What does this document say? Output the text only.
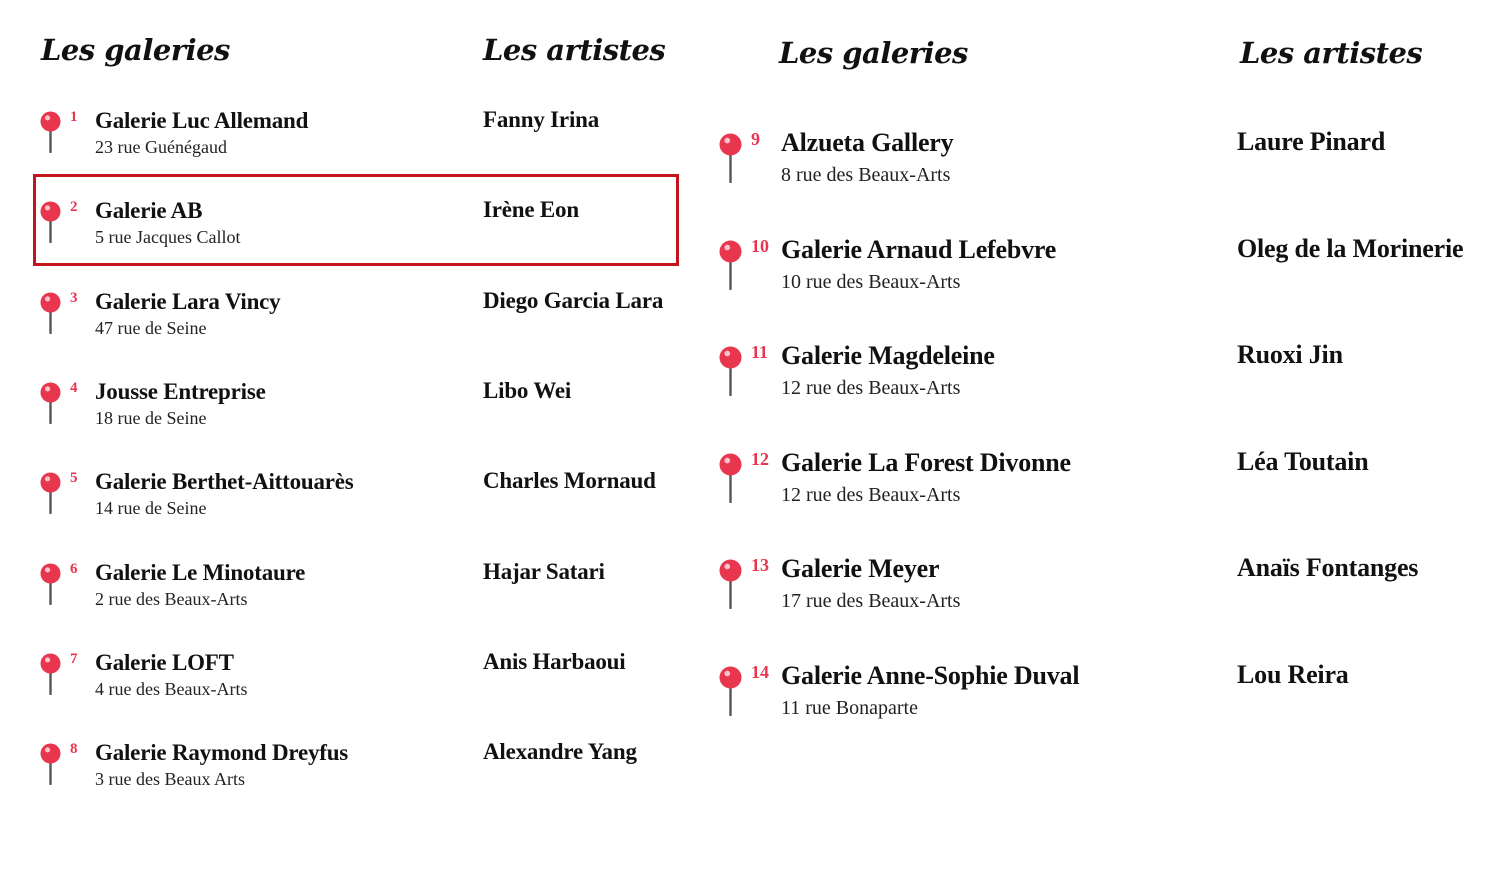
Les galeries	Les artistes	Les galeries	Les artistes
1 Galerie Luc Allemand
23 rue Guénégaud
Fanny Irina
2 Galerie AB
5 rue Jacques Callot
Irène Eon
3 Galerie Lara Vincy
47 rue de Seine
Diego Garcia Lara
4 Jousse Entreprise
18 rue de Seine
Libo Wei
5 Galerie Berthet-Aittouarès
14 rue de Seine
Charles Mornaud
6 Galerie Le Minotaure
2 rue des Beaux-Arts
Hajar Satari
7 Galerie LOFT
4 rue des Beaux-Arts
Anis Harbaoui
8 Galerie Raymond Dreyfus
3 rue des Beaux Arts
Alexandre Yang
9 Alzueta Gallery
8 rue des Beaux-Arts
Laure Pinard
10 Galerie Arnaud Lefebvre
10 rue des Beaux-Arts
Oleg de la Morinerie
11 Galerie Magdeleine
12 rue des Beaux-Arts
Ruoxi Jin
12 Galerie La Forest Divonne
12 rue des Beaux-Arts
Léa Toutain
13 Galerie Meyer
17 rue des Beaux-Arts
Anaïs Fontanges
14 Galerie Anne-Sophie Duval
11 rue Bonaparte
Lou Reira
